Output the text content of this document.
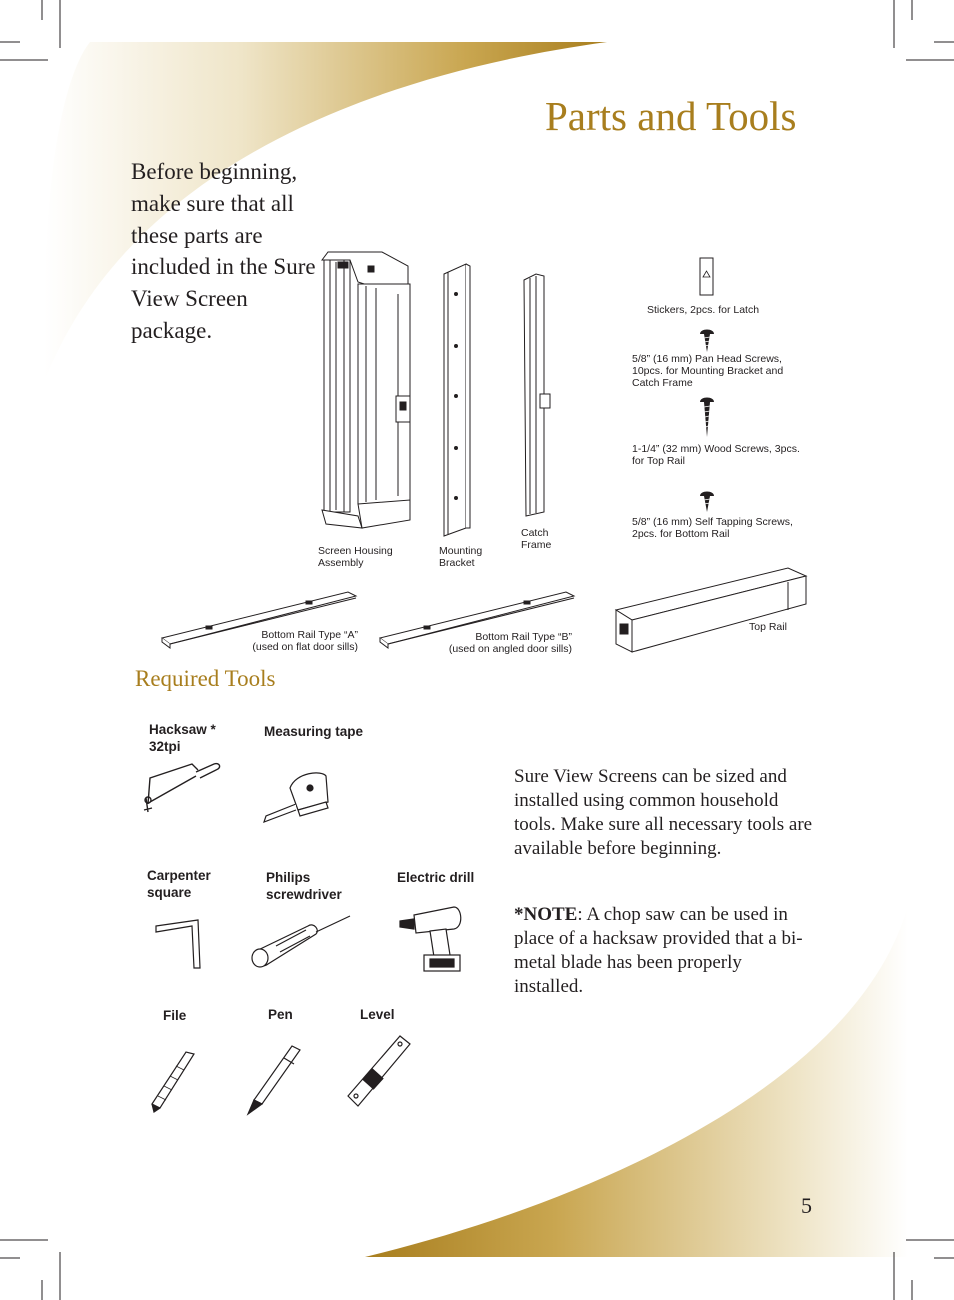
Parts and Tools
Before beginning, make sure that all these parts are included in the Sure View Screen package.
Screen Housing
Assembly
Mounting
Bracket
Catch
Frame
Stickers, 2pcs. for Latch
5/8” (16 mm) Pan Head Screws,
10pcs. for Mounting Bracket and
Catch Frame
1-1/4” (32 mm) Wood Screws, 3pcs.
for Top Rail
5/8” (16 mm) Self Tapping Screws,
2pcs. for Bottom Rail
Bottom Rail Type “A”
(used on flat door sills)
Bottom Rail Type “B”
(used on angled door sills)
Top Rail
Required Tools
Hacksaw *
32tpi
Measuring tape
Carpenter
square
Philips
screwdriver
Electric drill
File	Pen	Level
Sure View Screens can be sized and installed using common household tools. Make sure all necessary tools are available before beginning.
*NOTE: A chop saw can be used in place of a hacksaw provided that a bi-metal blade has been properly installed.
5
